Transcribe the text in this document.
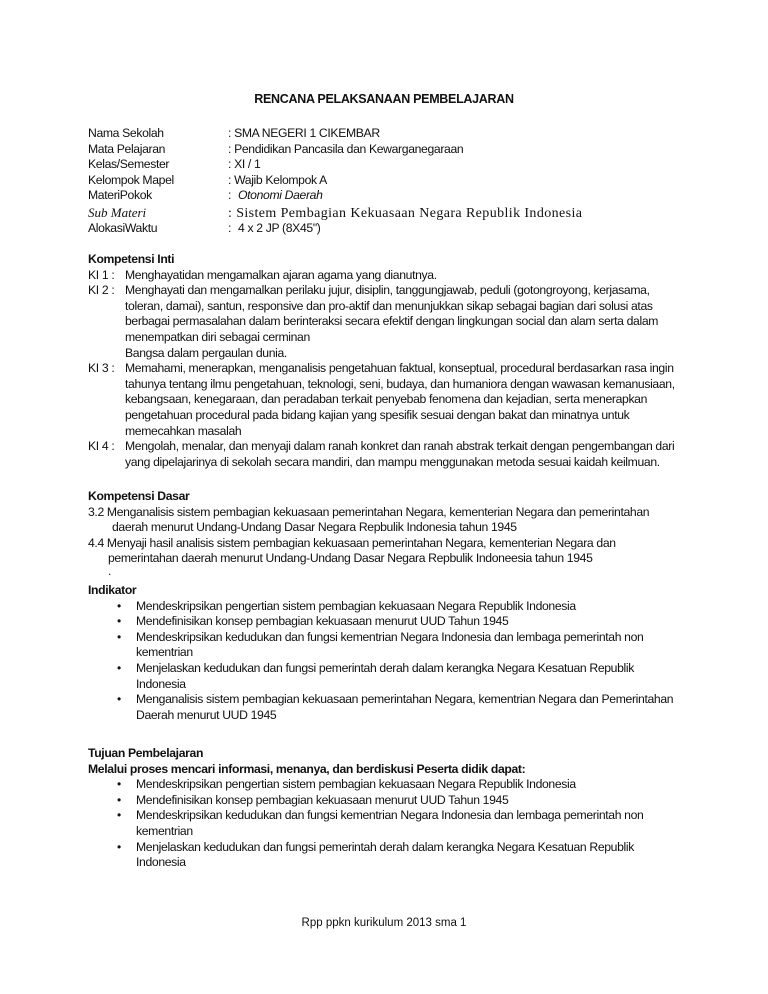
RENCANA PELAKSANAAN PEMBELAJARAN
Nama Sekolah	: SMA NEGERI 1 CIKEMBAR
Mata Pelajaran	: Pendidikan Pancasila dan Kewarganegaraan
Kelas/Semester	: XI / 1
Kelompok Mapel	: Wajib Kelompok A
MateriPokok	: Otonomi Daerah
Sub Materi	: Sistem Pembagian Kekuasaan Negara Republik Indonesia
AlokasiWaktu	: 4 x 2 JP (8X45")
Kompetensi Inti
KI 1 : Menghayatidan mengamalkan ajaran agama yang dianutnya.
KI 2 : Menghayati dan mengamalkan perilaku jujur, disiplin, tanggungjawab, peduli (gotongroyong, kerjasama,
toleran, damai), santun, responsive dan pro-aktif dan menunjukkan sikap sebagai bagian dari solusi atas
berbagai permasalahan dalam berinteraksi secara efektif dengan lingkungan social dan alam serta dalam
menempatkan diri sebagai cerminan
Bangsa dalam pergaulan dunia.
KI 3 : Memahami, menerapkan, menganalisis pengetahuan faktual, konseptual, procedural berdasarkan rasa ingin
tahunya tentang ilmu pengetahuan, teknologi, seni, budaya, dan humaniora dengan wawasan kemanusiaan,
kebangsaan, kenegaraan, dan peradaban terkait penyebab fenomena dan kejadian, serta menerapkan
pengetahuan procedural pada bidang kajian yang spesifik sesuai dengan bakat dan minatnya untuk
memecahkan masalah
KI 4 : Mengolah, menalar, dan menyaji dalam ranah konkret dan ranah abstrak terkait dengan pengembangan dari
yang dipelajarinya di sekolah secara mandiri, dan mampu menggunakan metoda sesuai kaidah keilmuan.
Kompetensi Dasar
3.2 Menganalisis sistem pembagian kekuasaan pemerintahan Negara, kementerian Negara dan pemerintahan
daerah menurut Undang-Undang Dasar Negara Repbulik Indonesia tahun 1945
4.4 Menyaji hasil analisis sistem pembagian kekuasaan pemerintahan Negara, kementerian Negara dan
pemerintahan daerah menurut Undang-Undang Dasar Negara Repbulik Indoneesia tahun 1945
.
Indikator
• Mendeskripsikan pengertian sistem pembagian kekuasaan Negara Republik Indonesia
• Mendefinisikan konsep pembagian kekuasaan menurut UUD Tahun 1945
• Mendeskripsikan kedudukan dan fungsi kementrian Negara Indonesia dan lembaga pemerintah non
kementrian
• Menjelaskan kedudukan dan fungsi pemerintah derah dalam kerangka Negara Kesatuan Republik
Indonesia
• Menganalisis sistem pembagian kekuasaan pemerintahan Negara, kementrian Negara dan Pemerintahan
Daerah menurut UUD 1945
Tujuan Pembelajaran
Melalui proses mencari informasi, menanya, dan berdiskusi Peserta didik dapat:
• Mendeskripsikan pengertian sistem pembagian kekuasaan Negara Republik Indonesia
• Mendefinisikan konsep pembagian kekuasaan menurut UUD Tahun 1945
• Mendeskripsikan kedudukan dan fungsi kementrian Negara Indonesia dan lembaga pemerintah non
kementrian
• Menjelaskan kedudukan dan fungsi pemerintah derah dalam kerangka Negara Kesatuan Republik
Indonesia
Rpp ppkn kurikulum 2013 sma 1
